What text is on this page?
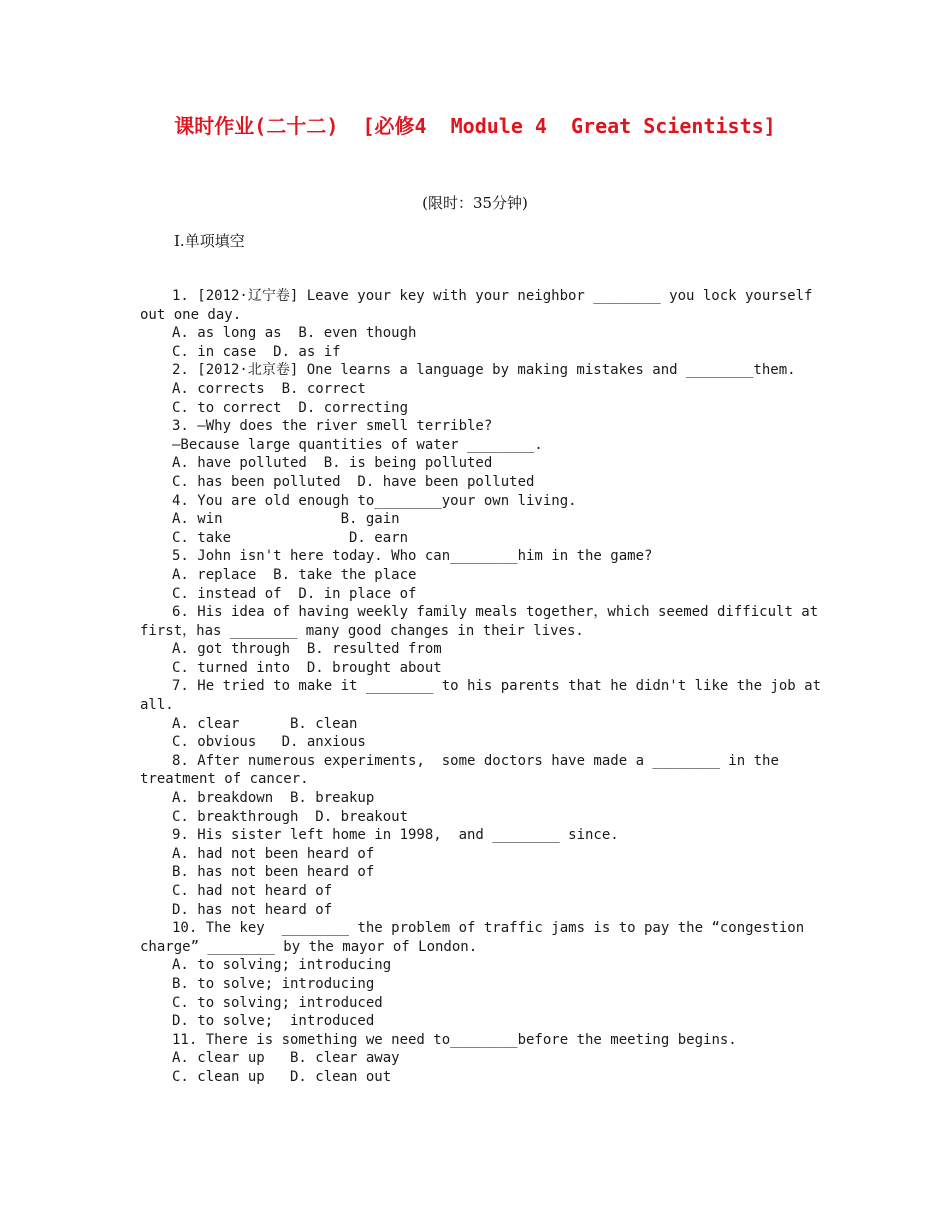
课时作业(二十二)  [必修4  Module 4  Great Scientists]
(限时：35分钟)
Ⅰ.单项填空
1. [2012·辽宁卷] Leave your key with your neighbor ________ you lock yourself
out one day.
A. as long as  B. even though
C. in case  D. as if
2. [2012·北京卷] One learns a language by making mistakes and ________them.
A. corrects  B. correct
C. to correct  D. correcting
3. —Why does the river smell terrible?
—Because large quantities of water ________.
A. have polluted  B. is being polluted
C. has been polluted  D. have been polluted
4. You are old enough to________your own living.
A. win              B. gain
C. take              D. earn
5. John isn't here today. Who can________him in the game?
A. replace  B. take the place
C. instead of  D. in place of
6. His idea of having weekly family meals together，which seemed difficult at
first，has ________ many good changes in their lives.
A. got through  B. resulted from
C. turned into  D. brought about
7. He tried to make it ________ to his parents that he didn't like the job at
all.
A. clear      B. clean
C. obvious   D. anxious
8. After numerous experiments,  some doctors have made a ________ in the
treatment of cancer.
A. breakdown  B. breakup
C. breakthrough  D. breakout
9. His sister left home in 1998,  and ________ since.
A. had not been heard of
B. has not been heard of
C. had not heard of
D. has not heard of
10. The key  ________ the problem of traffic jams is to pay the “congestion
charge” ________ by the mayor of London.
A. to solving; introducing
B. to solve; introducing
C. to solving; introduced
D. to solve;  introduced
11. There is something we need to________before the meeting begins.
A. clear up   B. clear away
C. clean up   D. clean out
